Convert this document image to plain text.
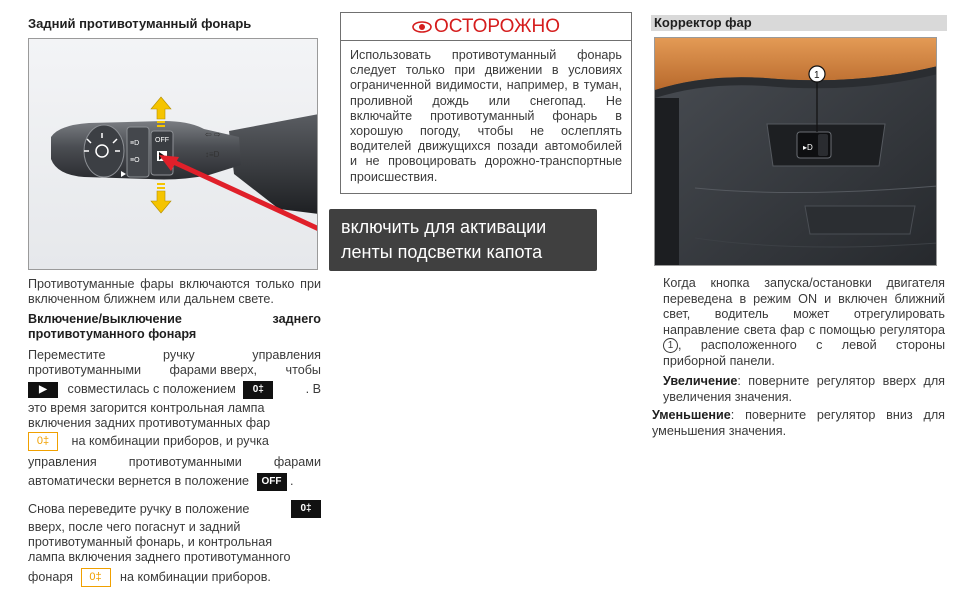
Задний противотуманный фонарь
≡D
≡O
OFF
⇦ ⇨
↕≡D
Противотуманные фары включаются только при включенном ближнем или дальнем свете.
Включение/выключение	заднего
противотуманного фонаря
Переместите	ручку	управления
противотуманными фарами вверх, чтобы
▶ совместилась с положением 0‡	. В
это время загорится контрольная лампа
включения задних противотуманных фар
0‡ на комбинации приборов, и ручка
управления	противотуманными	фарами
автоматически вернется в положение OFF .
Снова переведите ручку в положение	0‡
вверх, после чего погаснут и задний
противотуманный фонарь, и контрольная
лампа включения заднего противотуманного
фонаря 0‡ на комбинации приборов.
ОСТОРОЖНО
Использовать противотуманный фонарь следует только при движении в условиях ограниченной видимости, например, в туман, проливной дождь или снегопад. Не включайте противотуманный фонарь в хорошую погоду, чтобы не ослеплять водителей движущихся позади автомобилей и не провоцировать дорожно-транспортные происшествия.
включить для активации
ленты подсветки капота
Корректор фар
▸D
1
Когда кнопка запуска/остановки двигателя переведена в режим ON и включен ближний свет, водитель может отрегулировать направление света фар с помощью регулятора 1 , расположенного с левой стороны приборной панели.
Увеличение: поверните регулятор вверх для увеличения значения.
Уменьшение: поверните регулятор вниз для уменьшения значения.
